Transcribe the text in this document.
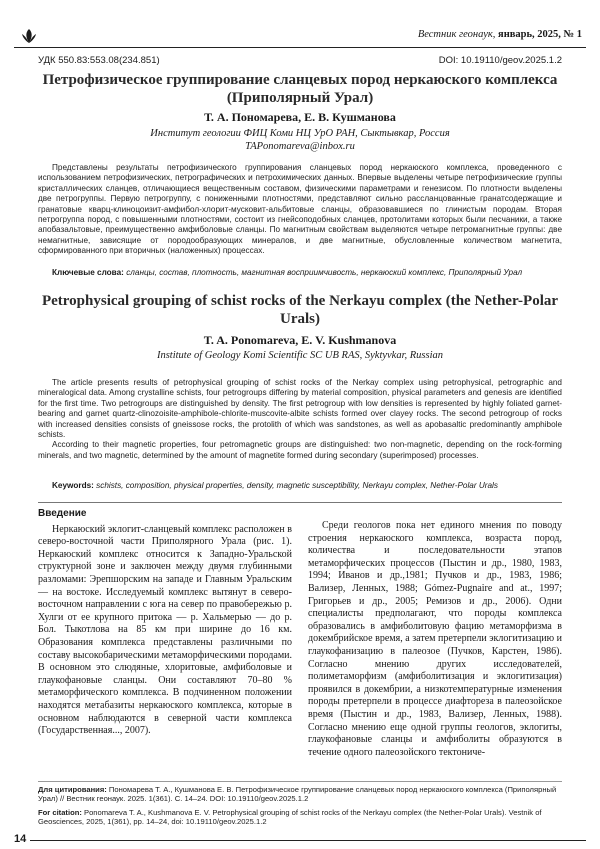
Вестник геонаук, январь, 2025, № 1
УДК 550.83:553.08(234.851)	DOI: 10.19110/geov.2025.1.2
Петрофизическое группирование сланцевых пород неркаюского комплекса (Приполярный Урал)
Т. А. Пономарева, Е. В. Кушманова
Институт геологии ФИЦ Коми НЦ УрО РАН, Сыктывкар, Россия
TAPonomareva@inbox.ru

Представлены результаты петрофизического группирования сланцевых пород неркаюского комплекса, проведенного с использованием петрофизических, петрографических и петрохимических данных. Впервые выделены четыре петрофизические группы кристаллических сланцев, отличающиеся вещественным составом, физическими параметрами и генезисом. По плотности выделены две петрогруппы. Первую петрогруппу, с пониженными плотностями, представляют сильно рассланцованные гранатсодержащие и гранатовые кварц-клиноцоизит-амфибол-хлорит-мусковит-альбитовые сланцы, образовавшиеся по глинистым породам. Вторая петрогруппа пород, с повышенными плотностями, состоит из гнейсоподобных сланцев, протолитами которых были песчаники, а также апобазальтовые, преимущественно амфиболовые сланцы. По магнитным свойствам выделяются четыре петромагнитные группы: две немагнитные, зависящие от породообразующих минералов, и две магнитные, обусловленные количеством магнетита, сформированного при вторичных (наложенных) процессах.

Ключевые слова: сланцы, состав, плотность, магнитная восприимчивость, неркаюский комплекс, Приполярный Урал

Petrophysical grouping of schist rocks of the Nerkayu complex (the Nether-Polar Urals)
T. A. Ponomareva, E. V. Kushmanova
Institute of Geology Komi Scientific SC UB RAS, Syktyvkar, Russian

The article presents results of petrophysical grouping of schist rocks of the Nerkay complex using petrophysical, petrographic and mineralogical data. Among crystalline schists, four petrogroups differing by material composition, physical parameters and genesis are identified for the first time. Two petrogroups are distinguished by density. The first petrogroup with low densities is represented by highly foliated garnet-bearing and garnet quartz-clinozoisite-amphibole-chlorite-muscovite-albite schists formed over clayey rocks. The second petrogroup of rocks with increased densities consists of gneissose rocks, the protolith of which was sandstones, as well as apobasaltic predominantly amphibole schists.

According to their magnetic properties, four petromagnetic groups are distinguished: two non-magnetic, depending on the rock-forming minerals, and two magnetic, determined by the amount of magnetite formed during secondary (superimposed) processes.

Keywords: schists, composition, physical properties, density, magnetic susceptibility, Nerkayu complex, Nether-Polar Urals

Введение

Неркаюский эклогит-сланцевый комплекс расположен в северо-восточной части Приполярного Урала (рис. 1). Неркаюский комплекс относится к Западно-Уральской структурной зоне и заключен между двумя глубинными разломами: Эрепшорским на западе и Главным Уральским — на востоке. Исследуемый комплекс вытянут в северо-восточном направлении с юга на север по правобережью р. Хулги от ее крупного притока — р. Хальмерью — до р. Бол. Тыкотлова на 85 км при ширине до 16 км. Образования комплекса представлены различными по составу высокобарическими метаморфическими породами. В основном это слюдяные, хлоритовые, амфиболовые и глаукофановые сланцы. Они составляют 70–80 % метаморфического комплекса. В подчиненном положении находятся метабазиты неркаюского комплекса, которые в основном наблюдаются в северной части комплекса (Государственная..., 2007).

Среди геологов пока нет единого мнения по поводу строения неркаюского комплекса, возраста пород, количества и последовательности этапов метаморфических процессов (Пыстин и др., 1980, 1983, 1994; Иванов и др.,1981; Пучков и др., 1983, 1986; Вализер, Ленных, 1988; Gómez-Pugnaire and at., 1997; Григорьев и др., 2005; Ремизов и др., 2006). Одни специалисты предполагают, что породы комплекса образовались в амфиболитовую фацию метаморфизма в докембрийское время, а затем претерпели эклогитизацию и глаукофанизацию в палеозое (Пучков, Карстен, 1986). Согласно мнению других исследователей, полиметаморфизм (амфиболитизация и эклогитизация) проявился в докембрии, а низкотемпературные изменения породы претерпели в процессе диафтореза в палеозойское время (Пыстин и др., 1983, Вализер, Ленных, 1988). Согласно мнению еще одной группы геологов, эклогиты, глаукофановые сланцы и амфиболиты образуются в течение одного палеозойского тектониче-

Для цитирования: Пономарева Т. А., Кушманова Е. В. Петрофизическое группирование сланцевых пород неркаюского комплекса (Приполярный Урал) // Вестник геонаук. 2025. 1(361). С. 14–24. DOI: 10.19110/geov.2025.1.2
For citation: Ponomareva T. A., Kushmanova E. V. Petrophysical grouping of schist rocks of the Nerkayu complex (the Nether-Polar Urals). Vestnik of Geosciences, 2025, 1(361), pp. 14–24, doi: 10.19110/geov.2025.1.2
14
